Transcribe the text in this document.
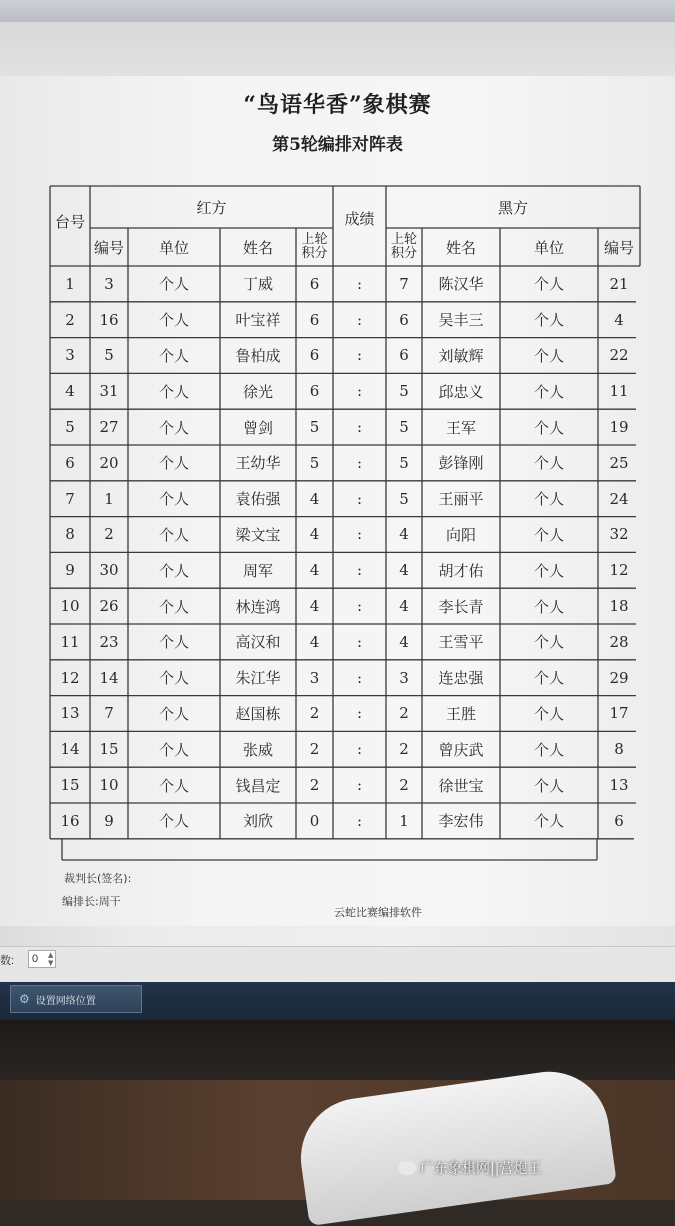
“鸟语华香”象棋赛
第5轮编排对阵表
台号
红方
成绩
黑方
编号	单位	姓名	上轮积分
上轮积分	姓名	单位	编号
1	3	个人	丁威	6	:	7	陈汉华	个人	21
2	16	个人	叶宝祥	6	:	6	吴丰三	个人	4
3	5	个人	鲁柏成	6	:	6	刘敏辉	个人	22
4	31	个人	徐光	6	:	5	邱忠义	个人	11
5	27	个人	曾剑	5	:	5	王军	个人	19
6	20	个人	王幼华	5	:	5	彭锋刚	个人	25
7	1	个人	袁佑强	4	:	5	王丽平	个人	24
8	2	个人	梁文宝	4	:	4	向阳	个人	32
9	30	个人	周军	4	:	4	胡才佑	个人	12
10	26	个人	林连鸿	4	:	4	李长青	个人	18
11	23	个人	高汉和	4	:	4	王雪平	个人	28
12	14	个人	朱江华	3	:	3	连忠强	个人	29
13	7	个人	赵国栋	2	:	2	王胜	个人	17
14	15	个人	张威	2	:	2	曾庆武	个人	8
15	10	个人	钱昌定	2	:	2	徐世宝	个人	13
16	9	个人	刘欣	0	:	1	李宏伟	个人	6
裁判长(签名):
编排长:周干
云蛇比赛编排软件
数:	0	▲
▼
⚙ 设置网络位置
广东象棋网||营炮王
